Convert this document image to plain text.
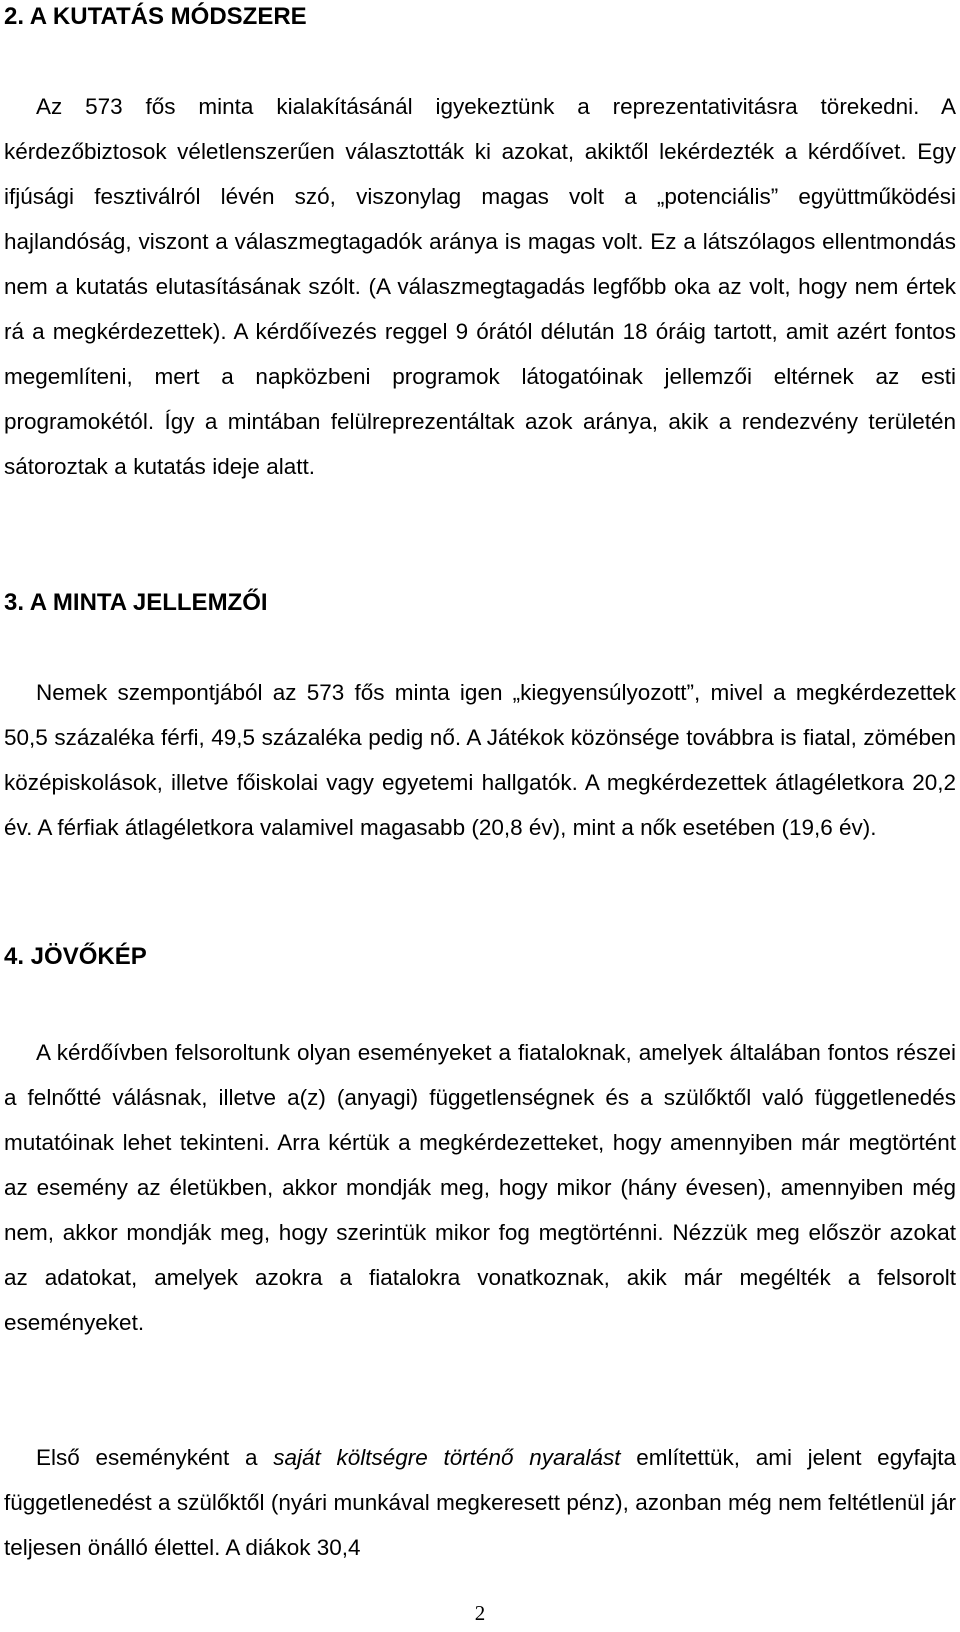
2. A KUTATÁS MÓDSZERE

Az 573 fős minta kialakításánál igyekeztünk a reprezentativitásra törekedni. A kérdezőbiztosok véletlenszerűen választották ki azokat, akiktől lekérdezték a kérdőívet. Egy ifjúsági fesztiválról lévén szó, viszonylag magas volt a „potenciális” együttműködési hajlandóság, viszont a válaszmegtagadók aránya is magas volt. Ez a látszólagos ellentmondás nem a kutatás elutasításának szólt. (A válaszmegtagadás legfőbb oka az volt, hogy nem értek rá a megkérdezettek). A kérdőívezés reggel 9 órától délután 18 óráig tartott, amit azért fontos megemlíteni, mert a napközbeni programok látogatóinak jellemzői eltérnek az esti programokétól. Így a mintában felülreprezentáltak azok aránya, akik a rendezvény területén sátoroztak a kutatás ideje alatt.

3. A MINTA JELLEMZŐI

Nemek szempontjából az 573 fős minta igen „kiegyensúlyozott”, mivel a megkérdezettek 50,5 százaléka férfi, 49,5 százaléka pedig nő. A Játékok közönsége továbbra is fiatal, zömében középiskolások, illetve főiskolai vagy egyetemi hallgatók. A megkérdezettek átlagéletkora 20,2 év. A férfiak átlagéletkora valamivel magasabb (20,8 év), mint a nők esetében (19,6 év).

4. JÖVŐKÉP

A kérdőívben felsoroltunk olyan eseményeket a fiataloknak, amelyek általában fontos részei a felnőtté válásnak, illetve a(z) (anyagi) függetlenségnek és a szülőktől való függetlenedés mutatóinak lehet tekinteni. Arra kértük a megkérdezetteket, hogy amennyiben már megtörtént az esemény az életükben, akkor mondják meg, hogy mikor (hány évesen), amennyiben még nem, akkor mondják meg, hogy szerintük mikor fog megtörténni. Nézzük meg először azokat az adatokat, amelyek azokra a fiatalokra vonatkoznak, akik már megélték a felsorolt eseményeket.

Első eseményként a saját költségre történő nyaralást említettük, ami jelent egyfajta függetlenedést a szülőktől (nyári munkával megkeresett pénz), azonban még nem feltétlenül jár teljesen önálló élettel. A diákok 30,4

2
